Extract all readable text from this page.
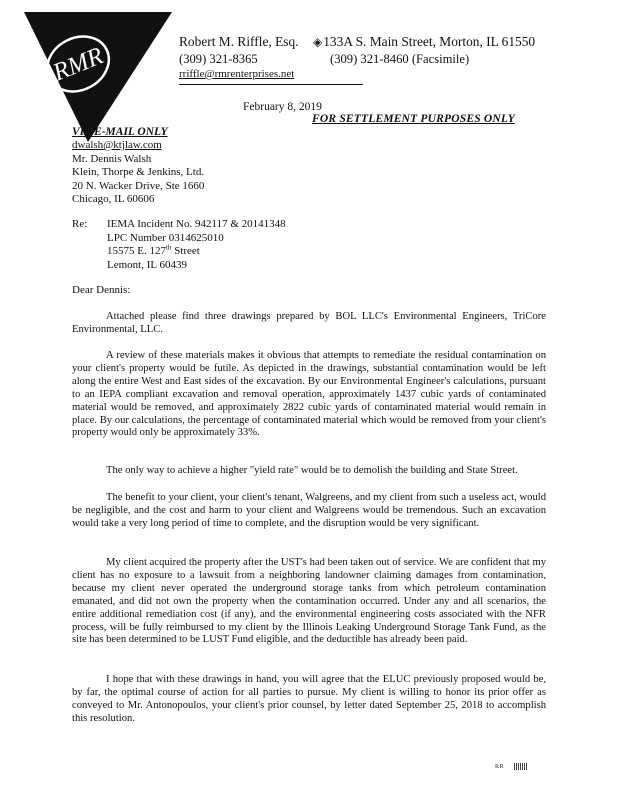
RMR
Robert M. Riffle, Esq. ◈133A S. Main Street, Morton, IL 61550
(309) 321-8365	(309) 321-8460 (Facsimile)
rriffle@rmrenterprises.net
February 8, 2019
FOR SETTLEMENT PURPOSES ONLY
VIA E-MAIL ONLY
dwalsh@ktjlaw.com
Mr. Dennis Walsh
Klein, Thorpe & Jenkins, Ltd.
20 N. Wacker Drive, Ste 1660
Chicago, IL 60606
Re: IEMA Incident No. 942117 & 20141348
LPC Number 0314625010
15575 E. 127th Street
Lemont, IL 60439
Dear Dennis:

Attached please find three drawings prepared by BOL LLC's Environmental Engineers, TriCore Environmental, LLC.

A review of these materials makes it obvious that attempts to remediate the residual contamination on your client's property would be futile. As depicted in the drawings, substantial contamination would be left along the entire West and East sides of the excavation. By our Environmental Engineer's calculations, pursuant to an IEPA compliant excavation and removal operation, approximately 1437 cubic yards of contaminated material would be removed, and approximately 2822 cubic yards of contaminated material would remain in place. By our calculations, the percentage of contaminated material which would be removed from your client's property would only be approximately 33%.

The only way to achieve a higher "yield rate" would be to demolish the building and State Street.

The benefit to your client, your client's tenant, Walgreens, and my client from such a useless act, would be negligible, and the cost and harm to your client and Walgreens would be tremendous. Such an excavation would take a very long period of time to complete, and the disruption would be very significant.

My client acquired the property after the UST's had been taken out of service. We are confident that my client has no exposure to a lawsuit from a neighboring landowner claiming damages from contamination, because my client never operated the underground storage tanks from which petroleum contamination emanated, and did not own the property when the contamination occurred. Under any and all scenarios, the entire additional remediation cost (if any), and the environmental engineering costs associated with the NFR process, will be fully reimbursed to my client by the Illinois Leaking Underground Storage Tank Fund, as the site has been determined to be LUST Fund eligible, and the deductible has already been paid.

I hope that with these drawings in hand, you will agree that the ELUC previously proposed would be, by far, the optimal course of action for all parties to pursue. My client is willing to honor its prior offer as conveyed to Mr. Antonopoulos, your client's prior counsel, by letter dated September 25, 2018 to accomplish this resolution.

RR
